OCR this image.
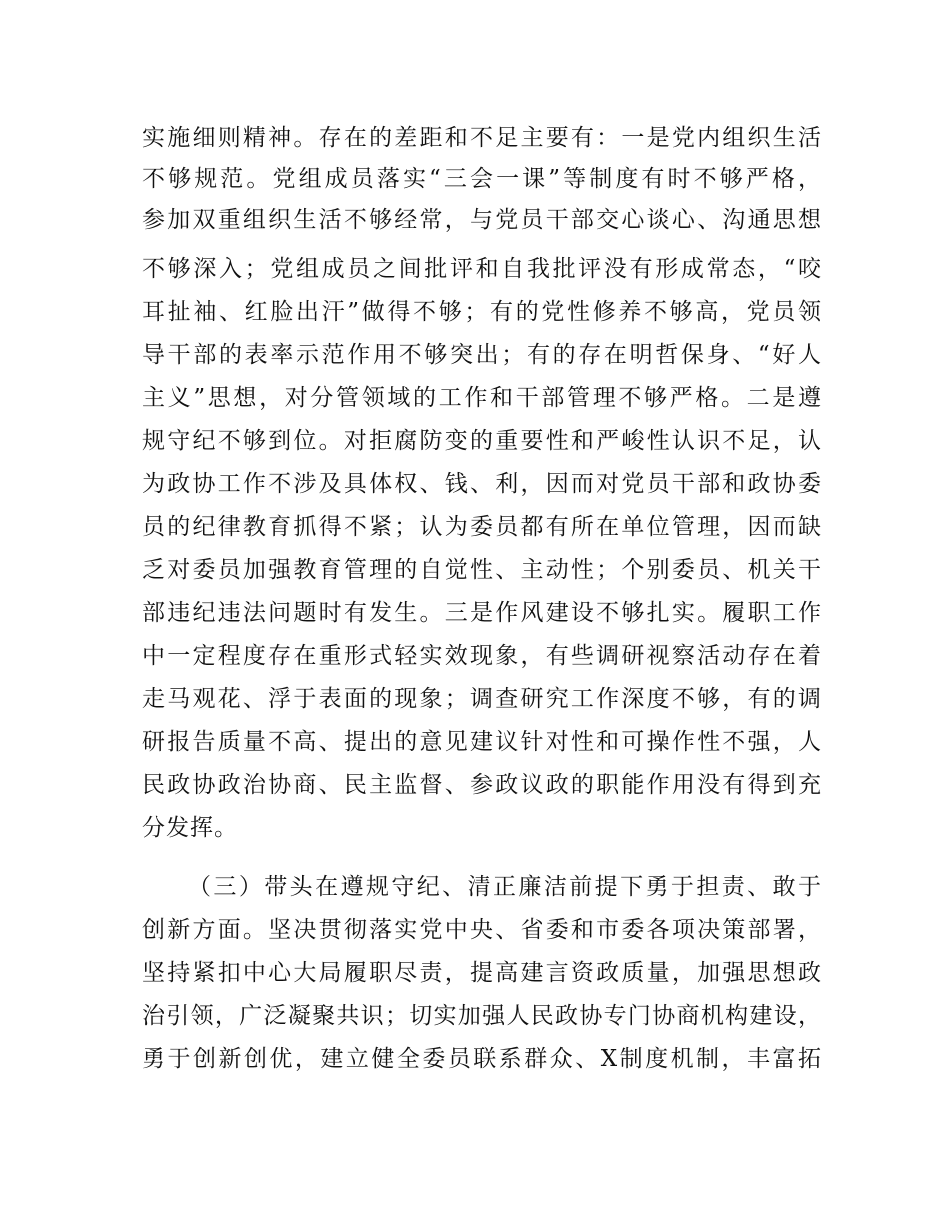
实施细则精神。存在的差距和不足主要有：一是党内组织生活
不够规范。党组成员落实“三会一课”等制度有时不够严格，
参加双重组织生活不够经常，与党员干部交心谈心、沟通思想
不够深入；党组成员之间批评和自我批评没有形成常态，“咬
耳扯袖、红脸出汗”做得不够；有的党性修养不够高，党员领
导干部的表率示范作用不够突出；有的存在明哲保身、“好人
主义”思想，对分管领域的工作和干部管理不够严格。二是遵
规守纪不够到位。对拒腐防变的重要性和严峻性认识不足，认
为政协工作不涉及具体权、钱、利，因而对党员干部和政协委
员的纪律教育抓得不紧；认为委员都有所在单位管理，因而缺
乏对委员加强教育管理的自觉性、主动性；个别委员、机关干
部违纪违法问题时有发生。三是作风建设不够扎实。履职工作
中一定程度存在重形式轻实效现象，有些调研视察活动存在着
走马观花、浮于表面的现象；调查研究工作深度不够，有的调
研报告质量不高、提出的意见建议针对性和可操作性不强，人
民政协政治协商、民主监督、参政议政的职能作用没有得到充
分发挥。
（三）带头在遵规守纪、清正廉洁前提下勇于担责、敢于
创新方面。坚决贯彻落实党中央、省委和市委各项决策部署，
坚持紧扣中心大局履职尽责，提高建言资政质量，加强思想政
治引领，广泛凝聚共识；切实加强人民政协专门协商机构建设，
勇于创新创优，建立健全委员联系群众、X制度机制，丰富拓
